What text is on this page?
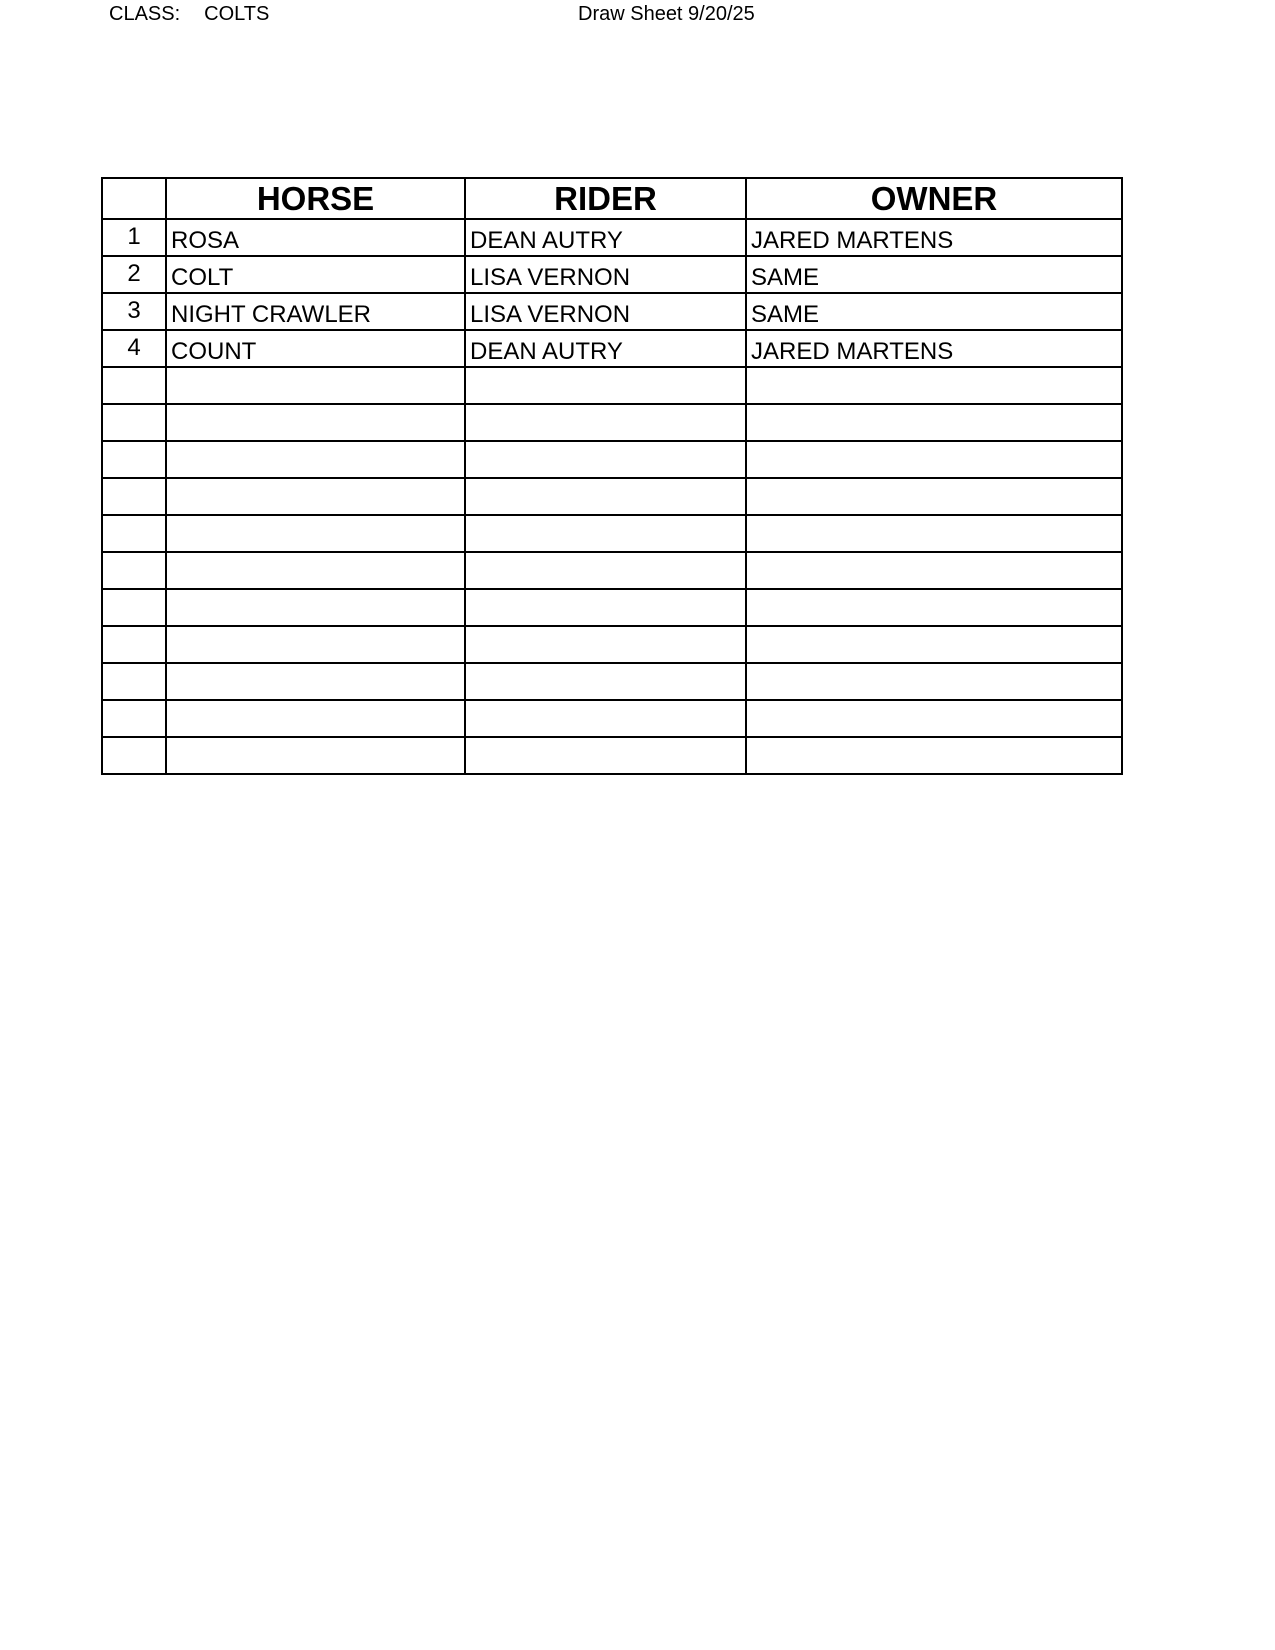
CLASS: COLTS	Draw Sheet 9/20/25
	HORSE	RIDER	OWNER
1	ROSA	DEAN AUTRY	JARED MARTENS
2	COLT	LISA VERNON	SAME
3	NIGHT CRAWLER	LISA VERNON	SAME
4	COUNT	DEAN AUTRY	JARED MARTENS
